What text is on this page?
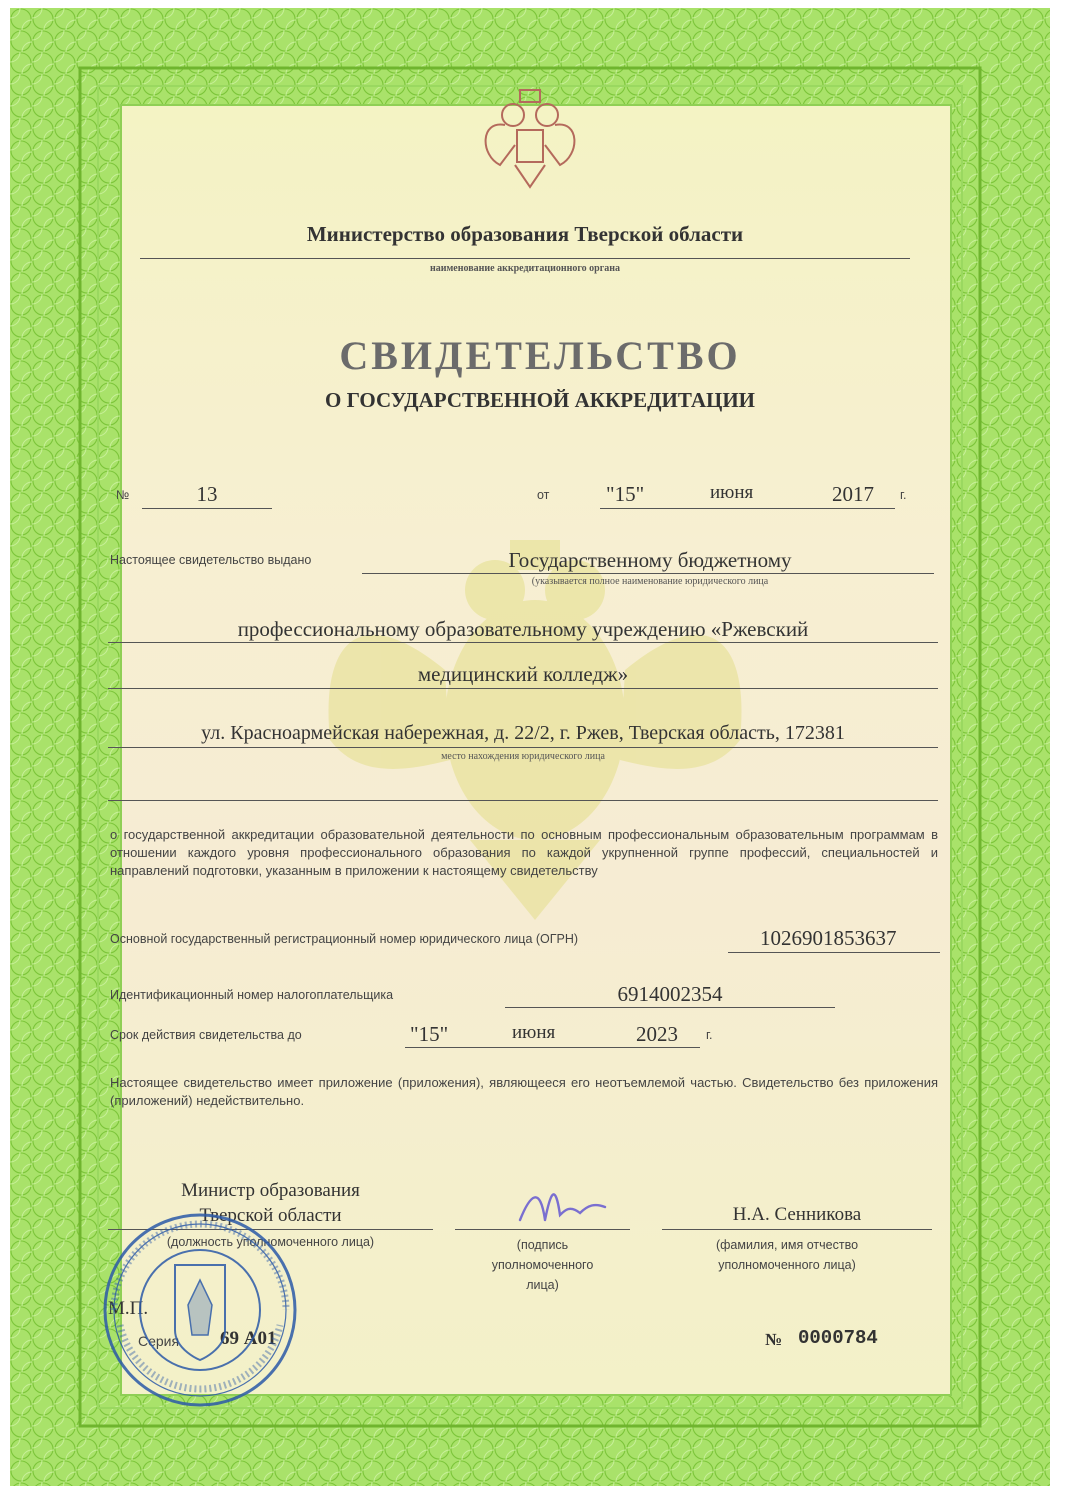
Министерство образования Тверской области
наименование аккредитационного органа
СВИДЕТЕЛЬСТВО
О ГОСУДАРСТВЕННОЙ АККРЕДИТАЦИИ
№	13	от	"15"	июня	2017 г.
Настоящее свидетельство выдано	Государственному бюджетному
(указывается полное наименование юридического лица
профессиональному образовательному учреждению «Ржевский
медицинский колледж»
ул. Красноармейская набережная, д. 22/2, г. Ржев, Тверская область, 172381
место нахождения юридического лица
о государственной аккредитации образовательной деятельности по основным профессиональным образовательным программам в отношении каждого уровня профессионального образования по каждой укрупненной группе профессий, специальностей и направлений подготовки, указанным в приложении к настоящему свидетельству
Основной государственный регистрационный номер юридического лица (ОГРН)	1026901853637
Идентификационный номер налогоплательщика	6914002354
Срок действия свидетельства до	"15"	июня	2023 г.
Настоящее свидетельство имеет приложение (приложения), являющееся его неотъемлемой частью. Свидетельство без приложения (приложений) недействительно.
Министр образования
Тверской области
(должность уполномоченного лица)	(подпись
уполномоченного
лица)
Н.А. Сенникова
(фамилия, имя отчество
уполномоченного лица)
М.П.
Серия 69 А01	№ 0000784
